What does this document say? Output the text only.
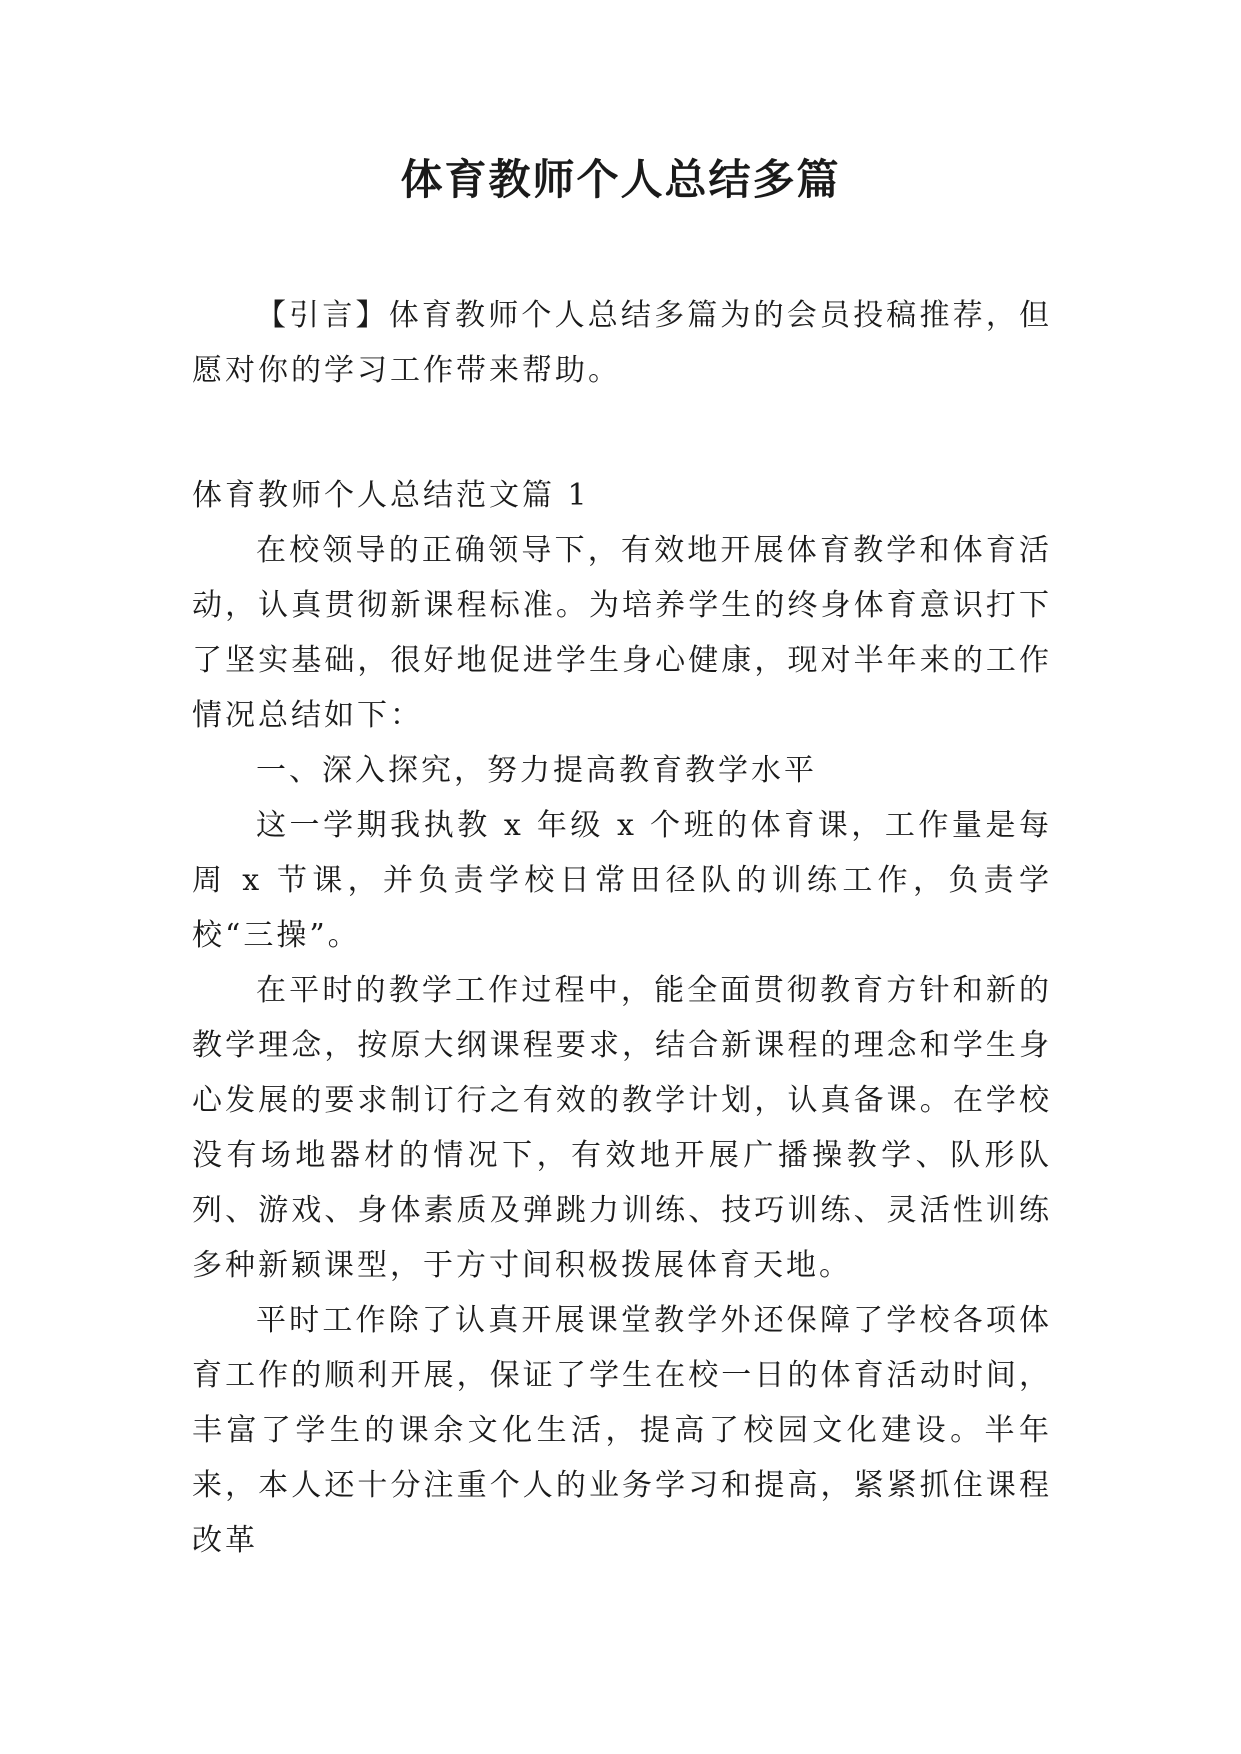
体育教师个人总结多篇

【引言】体育教师个人总结多篇为的会员投稿推荐，但愿对你的学习工作带来帮助。

体育教师个人总结范文篇 1

在校领导的正确领导下，有效地开展体育教学和体育活动，认真贯彻新课程标准。为培养学生的终身体育意识打下了坚实基础，很好地促进学生身心健康，现对半年来的工作情况总结如下：

一、深入探究，努力提高教育教学水平

这一学期我执教 x 年级 x 个班的体育课，工作量是每周 x 节课，并负责学校日常田径队的训练工作，负责学校“三操”。

在平时的教学工作过程中，能全面贯彻教育方针和新的教学理念，按原大纲课程要求，结合新课程的理念和学生身心发展的要求制订行之有效的教学计划，认真备课。在学校没有场地器材的情况下，有效地开展广播操教学、队形队列、游戏、身体素质及弹跳力训练、技巧训练、灵活性训练多种新颖课型，于方寸间积极拨展体育天地。

平时工作除了认真开展课堂教学外还保障了学校各项体育工作的顺利开展，保证了学生在校一日的体育活动时间，丰富了学生的课余文化生活，提高了校园文化建设。半年来，本人还十分注重个人的业务学习和提高，紧紧抓住课程改革
